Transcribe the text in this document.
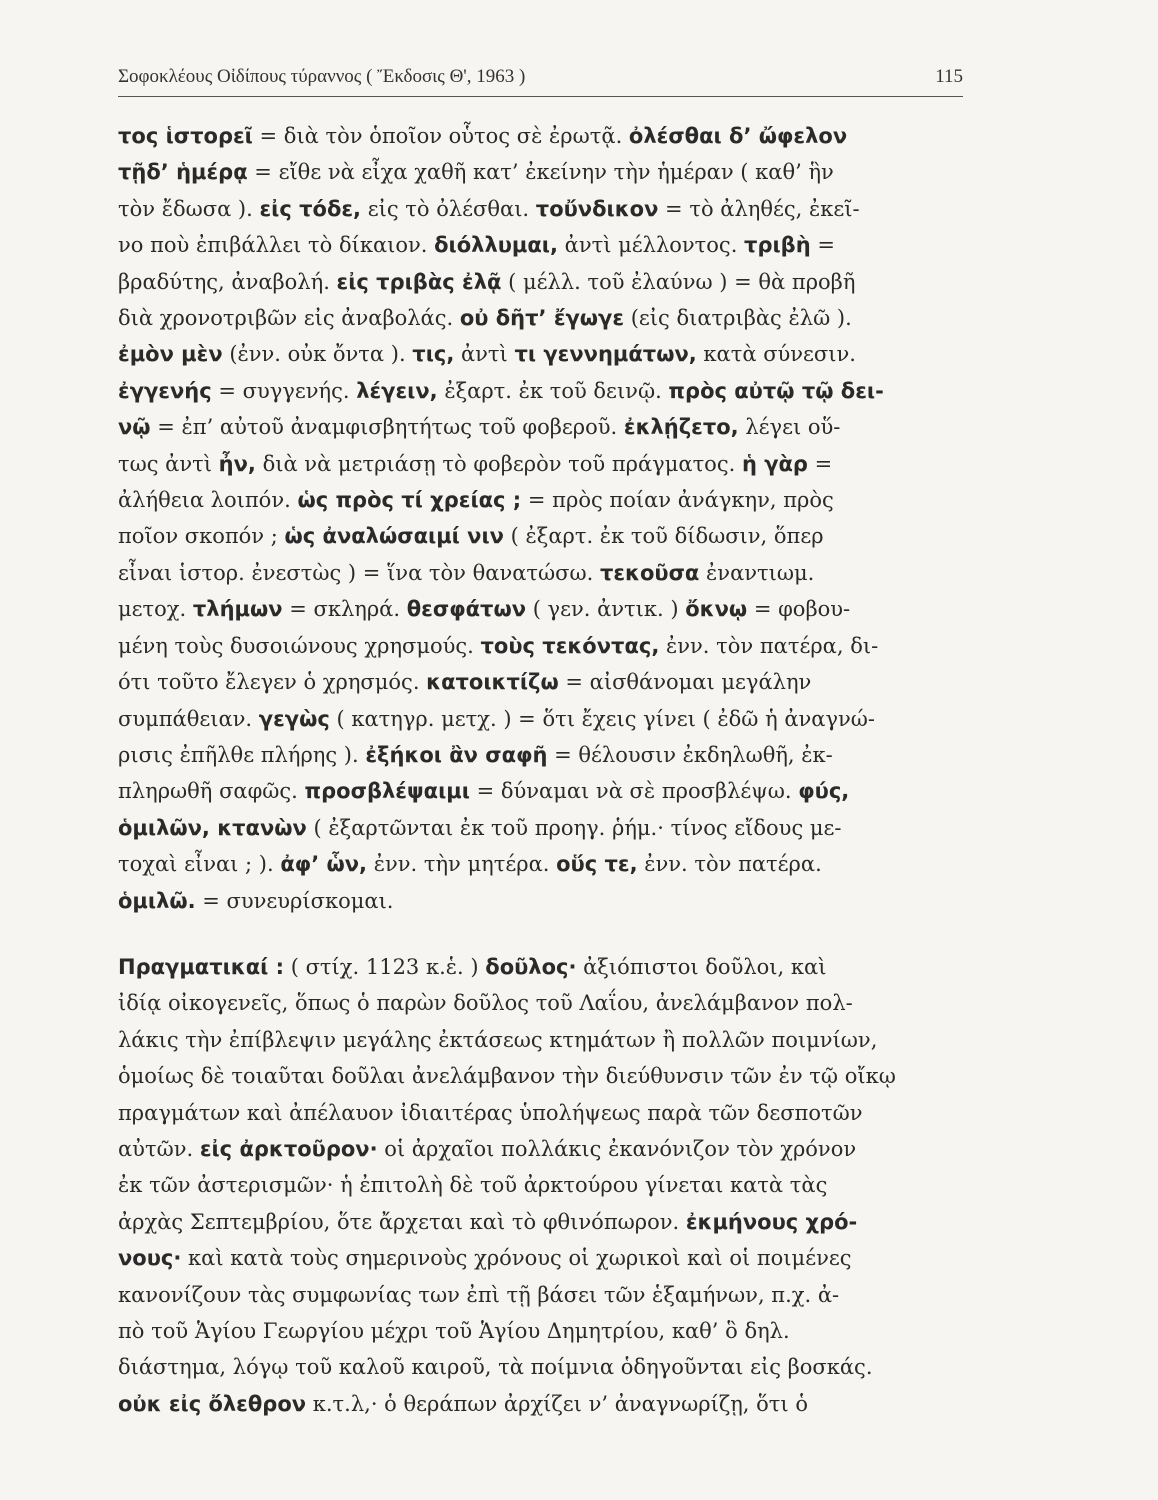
Σοφοκλέους Οἰδίπους τύραννος ( Ἔκδοσις Θ', 1963 )	115

τος ἱστορεῖ = διὰ τὸν ὁποῖον οὗτος σὲ ἐρωτᾷ. ὀλέσθαι δ’ ὤφελον
τῇδ’ ἡμέρᾳ = εἴθε νὰ εἶχα χαθῆ κατ’ ἐκείνην τὴν ἡμέραν ( καθ’ ἣν
τὸν ἔδωσα ). εἰς τόδε, εἰς τὸ ὀλέσθαι. τοὔνδικον = τὸ ἀληθές, ἐκεῖ-
νο ποὺ ἐπιβάλλει τὸ δίκαιον. διόλλυμαι, ἀντὶ μέλλοντος. τριβὴ =
βραδύτης, ἀναβολή. εἰς τριβὰς ἐλᾷ ( μέλλ. τοῦ ἐλαύνω ) = θὰ προβῆ
διὰ χρονοτριβῶν εἰς ἀναβολάς. οὐ δῆτ’ ἔγωγε (εἰς διατριβὰς ἐλῶ ).
ἐμὸν μὲν (ἐνν. οὐκ ὄντα ). τις, ἀντὶ τι γεννημάτων, κατὰ σύνεσιν.
ἐγγενής = συγγενής. λέγειν, ἐξαρτ. ἐκ τοῦ δεινῷ. πρὸς αὐτῷ τῷ δει-
νῷ = ἐπ’ αὐτοῦ ἀναμφισβητήτως τοῦ φοβεροῦ. ἐκλῄζετο, λέγει οὕ-
τως ἀντὶ ἦν, διὰ νὰ μετριάσῃ τὸ φοβερὸν τοῦ πράγματος. ἡ γὰρ =
ἀλήθεια λοιπόν. ὡς πρὸς τί χρείας ; = πρὸς ποίαν ἀνάγκην, πρὸς
ποῖον σκοπόν ; ὡς ἀναλώσαιμί νιν ( ἐξαρτ. ἐκ τοῦ δίδωσιν, ὅπερ
εἶναι ἱστορ. ἐνεστὼς ) = ἵνα τὸν θανατώσω. τεκοῦσα ἐναντιωμ.
μετοχ. τλήμων = σκληρά. θεσφάτων ( γεν. ἀντικ. ) ὄκνῳ = φοβου-
μένη τοὺς δυσοιώνους χρησμούς. τοὺς τεκόντας, ἐνν. τὸν πατέρα, δι-
ότι τοῦτο ἔλεγεν ὁ χρησμός. κατοικτίζω = αἰσθάνομαι μεγάλην
συμπάθειαν. γεγὼς ( κατηγρ. μετχ. ) = ὅτι ἔχεις γίνει ( ἐδῶ ἡ ἀναγνώ-
ρισις ἐπῆλθε πλήρης ). ἐξήκοι ἂν σαφῆ = θέλουσιν ἐκδηλωθῆ, ἐκ-
πληρωθῆ σαφῶς. προσβλέψαιμι = δύναμαι νὰ σὲ προσβλέψω. φύς,
ὁμιλῶν, κτανὼν ( ἐξαρτῶνται ἐκ τοῦ προηγ. ῥήμ.· τίνος εἴδους με-
τοχαὶ εἶναι ; ). ἀφ’ ὧν, ἐνν. τὴν μητέρα. οὕς τε, ἐνν. τὸν πατέρα.
ὁμιλῶ. = συνευρίσκομαι.

Πραγματικαί : ( στίχ. 1123 κ.ἑ. ) δοῦλος· ἀξιόπιστοι δοῦλοι, καὶ
ἰδίᾳ οἰκογενεῖς, ὅπως ὁ παρὼν δοῦλος τοῦ Λαΐου, ἀνελάμβανον πολ-
λάκις τὴν ἐπίβλεψιν μεγάλης ἐκτάσεως κτημάτων ἢ πολλῶν ποιμνίων,
ὁμοίως δὲ τοιαῦται δοῦλαι ἀνελάμβανον τὴν διεύθυνσιν τῶν ἐν τῷ οἴκῳ
πραγμάτων καὶ ἀπέλαυον ἰδιαιτέρας ὑπολήψεως παρὰ τῶν δεσποτῶν
αὐτῶν. εἰς ἀρκτοῦρον· οἱ ἀρχαῖοι πολλάκις ἐκανόνιζον τὸν χρόνον
ἐκ τῶν ἀστερισμῶν· ἡ ἐπιτολὴ δὲ τοῦ ἀρκτούρου γίνεται κατὰ τὰς
ἀρχὰς Σεπτεμβρίου, ὅτε ἄρχεται καὶ τὸ φθινόπωρον. ἐκμήνους χρό-
νους· καὶ κατὰ τοὺς σημερινοὺς χρόνους οἱ χωρικοὶ καὶ οἱ ποιμένες
κανονίζουν τὰς συμφωνίας των ἐπὶ τῇ βάσει τῶν ἑξαμήνων, π.χ. ἀ-
πὸ τοῦ Ἁγίου Γεωργίου μέχρι τοῦ Ἁγίου Δημητρίου, καθ’ ὃ δηλ.
διάστημα, λόγῳ τοῦ καλοῦ καιροῦ, τὰ ποίμνια ὁδηγοῦνται εἰς βοσκάς.
οὐκ εἰς ὄλεθρον κ.τ.λ,· ὁ θεράπων ἀρχίζει ν’ ἀναγνωρίζῃ, ὅτι ὁ
